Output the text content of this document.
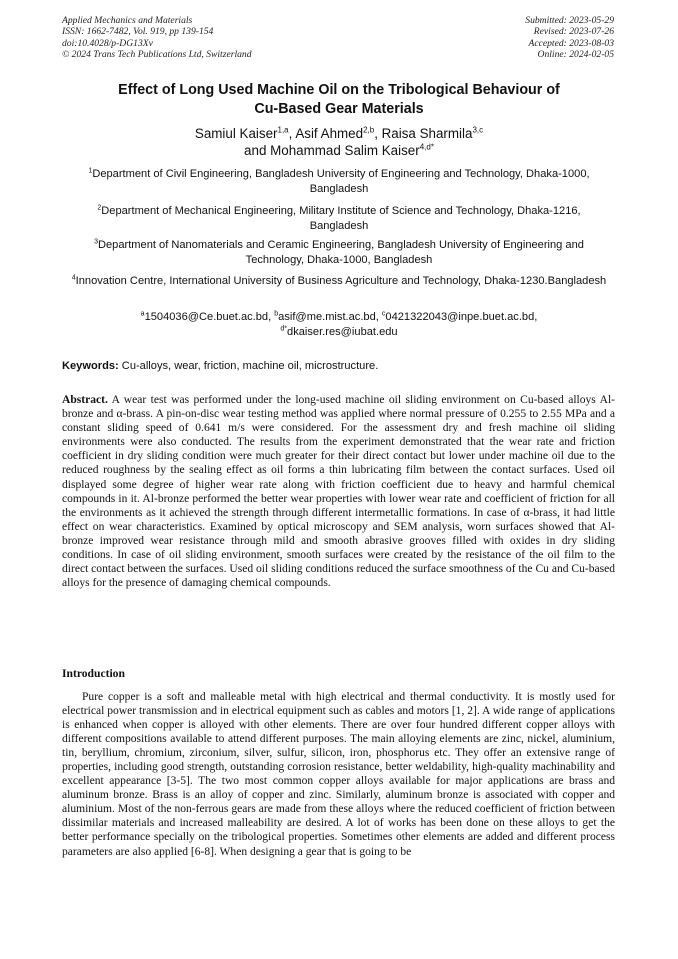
Applied Mechanics and Materials
ISSN: 1662-7482, Vol. 919, pp 139-154
doi:10.4028/p-DG13Xv
© 2024 Trans Tech Publications Ltd, Switzerland
Submitted: 2023-05-29
Revised: 2023-07-26
Accepted: 2023-08-03
Online: 2024-02-05
Effect of Long Used Machine Oil on the Tribological Behaviour of
Cu-Based Gear Materials
Samiul Kaiser$^{1,a}$, Asif Ahmed$^{2,b}$, Raisa Sharmila$^{3,c}$
and Mohammad Salim Kaiser$^{4,d*}$
$^1$Department of Civil Engineering, Bangladesh University of Engineering and Technology, Dhaka-1000, Bangladesh
$^2$Department of Mechanical Engineering, Military Institute of Science and Technology, Dhaka-1216, Bangladesh
$^3$Department of Nanomaterials and Ceramic Engineering, Bangladesh University of Engineering and Technology, Dhaka-1000, Bangladesh
$^4$Innovation Centre, International University of Business Agriculture and Technology, Dhaka-1230.Bangladesh
$^a$1504036@Ce.buet.ac.bd, $^b$asif@me.mist.ac.bd, $^c$0421322043@inpe.buet.ac.bd,
$^{d*}$dkaiser.res@iubat.edu
Keywords: Cu-alloys, wear, friction, machine oil, microstructure.
Abstract. A wear test was performed under the long-used machine oil sliding environment on Cu-based alloys Al-bronze and α-brass. A pin-on-disc wear testing method was applied where normal pressure of 0.255 to 2.55 MPa and a constant sliding speed of 0.641 m/s were considered. For the assessment dry and fresh machine oil sliding environments were also conducted. The results from the experiment demonstrated that the wear rate and friction coefficient in dry sliding condition were much greater for their direct contact but lower under machine oil due to the reduced roughness by the sealing effect as oil forms a thin lubricating film between the contact surfaces. Used oil displayed some degree of higher wear rate along with friction coefficient due to heavy and harmful chemical compounds in it. Al-bronze performed the better wear properties with lower wear rate and coefficient of friction for all the environments as it achieved the strength through different intermetallic formations. In case of α-brass, it had little effect on wear characteristics. Examined by optical microscopy and SEM analysis, worn surfaces showed that Al-bronze improved wear resistance through mild and smooth abrasive grooves filled with oxides in dry sliding conditions. In case of oil sliding environment, smooth surfaces were created by the resistance of the oil film to the direct contact between the surfaces. Used oil sliding conditions reduced the surface smoothness of the Cu and Cu-based alloys for the presence of damaging chemical compounds.
Introduction
Pure copper is a soft and malleable metal with high electrical and thermal conductivity. It is mostly used for electrical power transmission and in electrical equipment such as cables and motors [1, 2]. A wide range of applications is enhanced when copper is alloyed with other elements. There are over four hundred different copper alloys with different compositions available to attend different purposes. The main alloying elements are zinc, nickel, aluminium, tin, beryllium, chromium, zirconium, silver, sulfur, silicon, iron, phosphorus etc. They offer an extensive range of properties, including good strength, outstanding corrosion resistance, better weldability, high-quality machinability and excellent appearance [3-5]. The two most common copper alloys available for major applications are brass and aluminum bronze. Brass is an alloy of copper and zinc. Similarly, aluminum bronze is associated with copper and aluminium. Most of the non-ferrous gears are made from these alloys where the reduced coefficient of friction between dissimilar materials and increased malleability are desired. A lot of works has been done on these alloys to get the better performance specially on the tribological properties. Sometimes other elements are added and different process parameters are also applied [6-8]. When designing a gear that is going to be
